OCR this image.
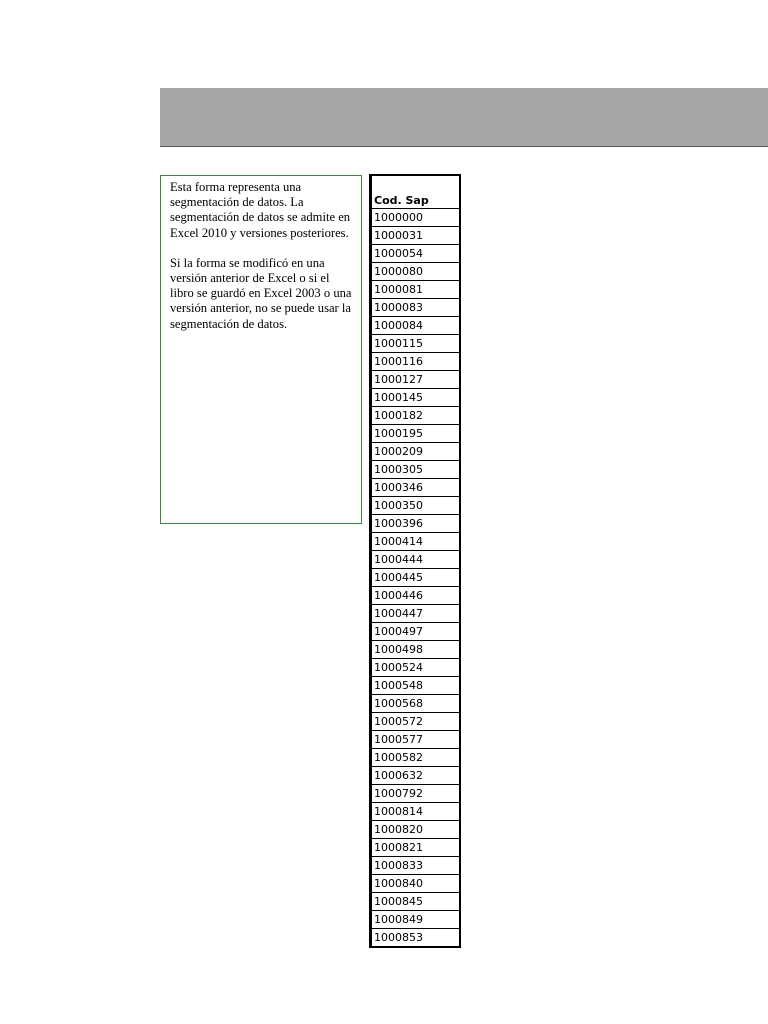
Esta forma representa una segmentación de datos. La segmentación de datos se admite en Excel 2010 y versiones posteriores.

Si la forma se modificó en una versión anterior de Excel o si el libro se guardó en Excel 2003 o una versión anterior, no se puede usar la segmentación de datos.

Cod. Sap
1000000
1000031
1000054
1000080
1000081
1000083
1000084
1000115
1000116
1000127
1000145
1000182
1000195
1000209
1000305
1000346
1000350
1000396
1000414
1000444
1000445
1000446
1000447
1000497
1000498
1000524
1000548
1000568
1000572
1000577
1000582
1000632
1000792
1000814
1000820
1000821
1000833
1000840
1000845
1000849
1000853
